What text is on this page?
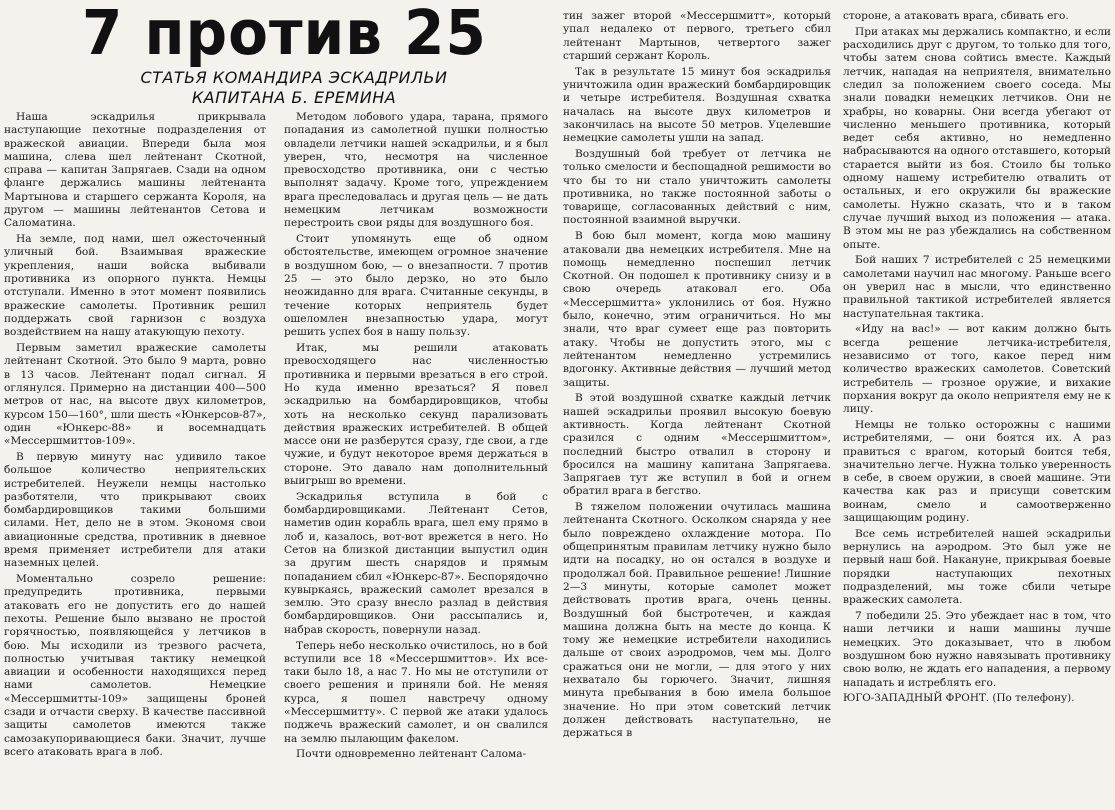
7 против 25
СТАТЬЯ КОМАНДИРА ЭСКАДРИЛЬИ
КАПИТАНА Б. ЕРЕМИНА

Наша эскадрилья прикрывала наступающие пехотные подразделения от вражеской авиации. Впереди была моя машина, слева шел лейтенант Скотной, справа — капитан Запрягаев. Сзади на одном фланге держались машины лейтенанта Мартынова и старшего сержанта Короля, на другом — машины лейтенантов Сетова и Саломатина.

На земле, под нами, шел ожесточенный уличный бой. Взаимывая вражеские укрепления, наши войска выбивали противника из опорного пункта. Немцы отступали. Именно в этот момент появились вражеские самолеты. Противник решил поддержать свой гарнизон с воздуха воздействием на нашу атакующую пехоту.

Первым заметил вражеские самолеты лейтенант Скотной. Это было 9 марта, ровно в 13 часов. Лейтенант подал сигнал. Я оглянулся. Примерно на дистанции 400—500 метров от нас, на высоте двух километров, курсом 150—160°, шли шесть «Юнкерсов-87», один «Юнкерс-88» и восемнадцать «Мессершмиттов-109».

В первую минуту нас удивило такое большое количество неприятельских истребителей. Неужели немцы настолько разботятели, что прикрывают своих бомбардировщиков такими большими силами. Нет, дело не в этом. Экономя свои авиационные средства, противник в дневное время применяет истребители для атаки наземных целей.

Моментально созрело решение: предупредить противника, первыми атаковать его не допустить его до нашей пехоты. Решение было вызвано не простой горячностью, появляющейся у летчиков в бою. Мы исходили из трезвого расчета, полностью учитывая тактику немецкой авиации и особенности находящихся перед нами самолетов. Немецкие «Мессершмитты-109» защищены броней сзади и отчасти сверху. В качестве пассивной защиты самолетов имеются также самозакупоривающиеся баки. Значит, лучше всего атаковать врага в лоб.

Методом лобового удара, тарана, прямого попадания из самолетной пушки полностью овладели летчики нашей эскадрильи, и я был уверен, что, несмотря на численное превосходство противника, они с честью выполнят задачу. Кроме того, упреждением врага преследовалась и другая цель — не дать немецким летчикам возможности перестроить свои ряды для воздушного боя.

Стоит упомянуть еще об одном обстоятельстве, имеющем огромное значение в воздушном бою, — о внезапности. 7 против 25 — это было дерзко, но это было неожиданно для врага. Считанные секунды, в течение которых неприятель будет ошеломлен внезапностью удара, могут решить успех боя в нашу пользу.

Итак, мы решили атаковать превосходящего нас численностью противника и первыми врезаться в его строй. Но куда именно врезаться? Я повел эскадрилью на бомбардировщиков, чтобы хоть на несколько секунд парализовать действия вражеских истребителей. В общей массе они не разберутся сразу, где свои, а где чужие, и будут некоторое время держаться в стороне. Это давало нам дополнительный выигрыш во времени.

Эскадрилья вступила в бой с бомбардировщиками. Лейтенант Сетов, наметив один корабль врага, шел ему прямо в лоб и, казалось, вот-вот врежется в него. Но Сетов на близкой дистанции выпустил один за другим шесть снарядов и прямым попаданием сбил «Юнкерс-87». Беспорядочно кувыркаясь, вражеский самолет врезался в землю. Это сразу внесло разлад в действия бомбардировщиков. Они рассыпались и, набрав скорость, повернули назад.

Теперь небо несколько очистилось, но в бой вступили все 18 «Мессершмиттов». Их все-таки было 18, а нас 7. Но мы не отступили от своего решения и приняли бой. Не меняя курса, я пошел навстречу одному «Мессершмитту». С первой же атаки удалось поджечь вражеский самолет, и он свалился на землю пылающим факелом.

Почти одновременно лейтенант Салома-

тин зажег второй «Мессершмитт», который упал недалеко от первого, третьего сбил лейтенант Мартынов, четвертого зажег старший сержант Король.

Так в результате 15 минут боя эскадрилья уничтожила один вражеский бомбардировщик и четыре истребителя. Воздушная схватка началась на высоте двух километров и закончилась на высоте 50 метров. Уцелевшие немецкие самолеты ушли на запад.

Воздушный бой требует от летчика не только смелости и беспощадной решимости во что бы то ни стало уничтожить самолеты противника, но также постоянной заботы о товарище, согласованных действий с ним, постоянной взаимной выручки.

В бою был момент, когда мою машину атаковали два немецких истребителя. Мне на помощь немедленно поспешил летчик Скотной. Он подошел к противнику снизу и в свою очередь атаковал его. Оба «Мессершмитта» уклонились от боя. Нужно было, конечно, этим ограничиться. Но мы знали, что враг сумеет еще раз повторить атаку. Чтобы не допустить этого, мы с лейтенантом немедленно устремились вдогонку. Активные действия — лучший метод защиты.

В этой воздушной схватке каждый летчик нашей эскадрильи проявил высокую боевую активность. Когда лейтенант Скотной сразился с одним «Мессершмиттом», последний быстро отвалил в сторону и бросился на машину капитана Запрягаева. Запрягаев тут же вступил в бой и огнем обратил врага в бегство.

В тяжелом положении очутилась машина лейтенанта Скотного. Осколком снаряда у нее было повреждено охлаждение мотора. По общепринятым правилам летчику нужно было идти на посадку, но он остался в воздухе и продолжал бой. Правильное решение! Лишние 2—3 минуты, которые самолет может действовать против врага, очень ценны. Воздушный бой быстротечен, и каждая машина должна быть на месте до конца. К тому же немецкие истребители находились дальше от своих аэродромов, чем мы. Долго сражаться они не могли, — для этого у них нехватало бы горючего. Значит, лишняя минута пребывания в бою имела большое значение. Но при этом советский летчик должен действовать наступательно, не держаться в

стороне, а атаковать врага, сбивать его.

При атаках мы держались компактно, и если расходились друг с другом, то только для того, чтобы затем снова сойтись вместе. Каждый летчик, нападая на неприятеля, внимательно следил за положением своего соседа. Мы знали повадки немецких летчиков. Они не храбры, но коварны. Они всегда убегают от численно меньшего противника, который ведет себя активно, но немедленно набрасываются на одного отставшего, который старается выйти из боя. Стоило бы только одному нашему истребителю отвалить от остальных, и его окружили бы вражеские самолеты. Нужно сказать, что и в таком случае лучший выход из положения — атака. В этом мы не раз убеждались на собственном опыте.

Бой наших 7 истребителей с 25 немецкими самолетами научил нас многому. Раньше всего он уверил нас в мысли, что единственно правильной тактикой истребителей является наступательная тактика.

«Иду на вас!» — вот каким должно быть всегда решение летчика-истребителя, независимо от того, какое перед ним количество вражеских самолетов. Советский истребитель — грозное оружие, и вихакие порхания вокруг да около неприятеля ему не к лицу.

Немцы не только осторожны с нашими истребителями, — они боятся их. А раз правиться с врагом, который боится тебя, значительно легче. Нужна только уверенность в себе, в своем оружии, в своей машине. Эти качества как раз и присущи советским воинам, смело и самоотверженно защищающим родину.

Все семь истребителей нашей эскадрильи вернулись на аэродром. Это был уже не первый наш бой. Накануне, прикрывая боевые порядки наступающих пехотных подразделений, мы тоже сбили четыре вражеских самолета.

7 победили 25. Это убеждает нас в том, что наши летчики и наши машины лучше немецких. Это доказывает, что в любом воздушном бою нужно навязывать противнику свою волю, не ждать его нападения, а первому нападать и истреблять его.

ЮГО-ЗАПАДНЫЙ ФРОНТ. (По телефону).
